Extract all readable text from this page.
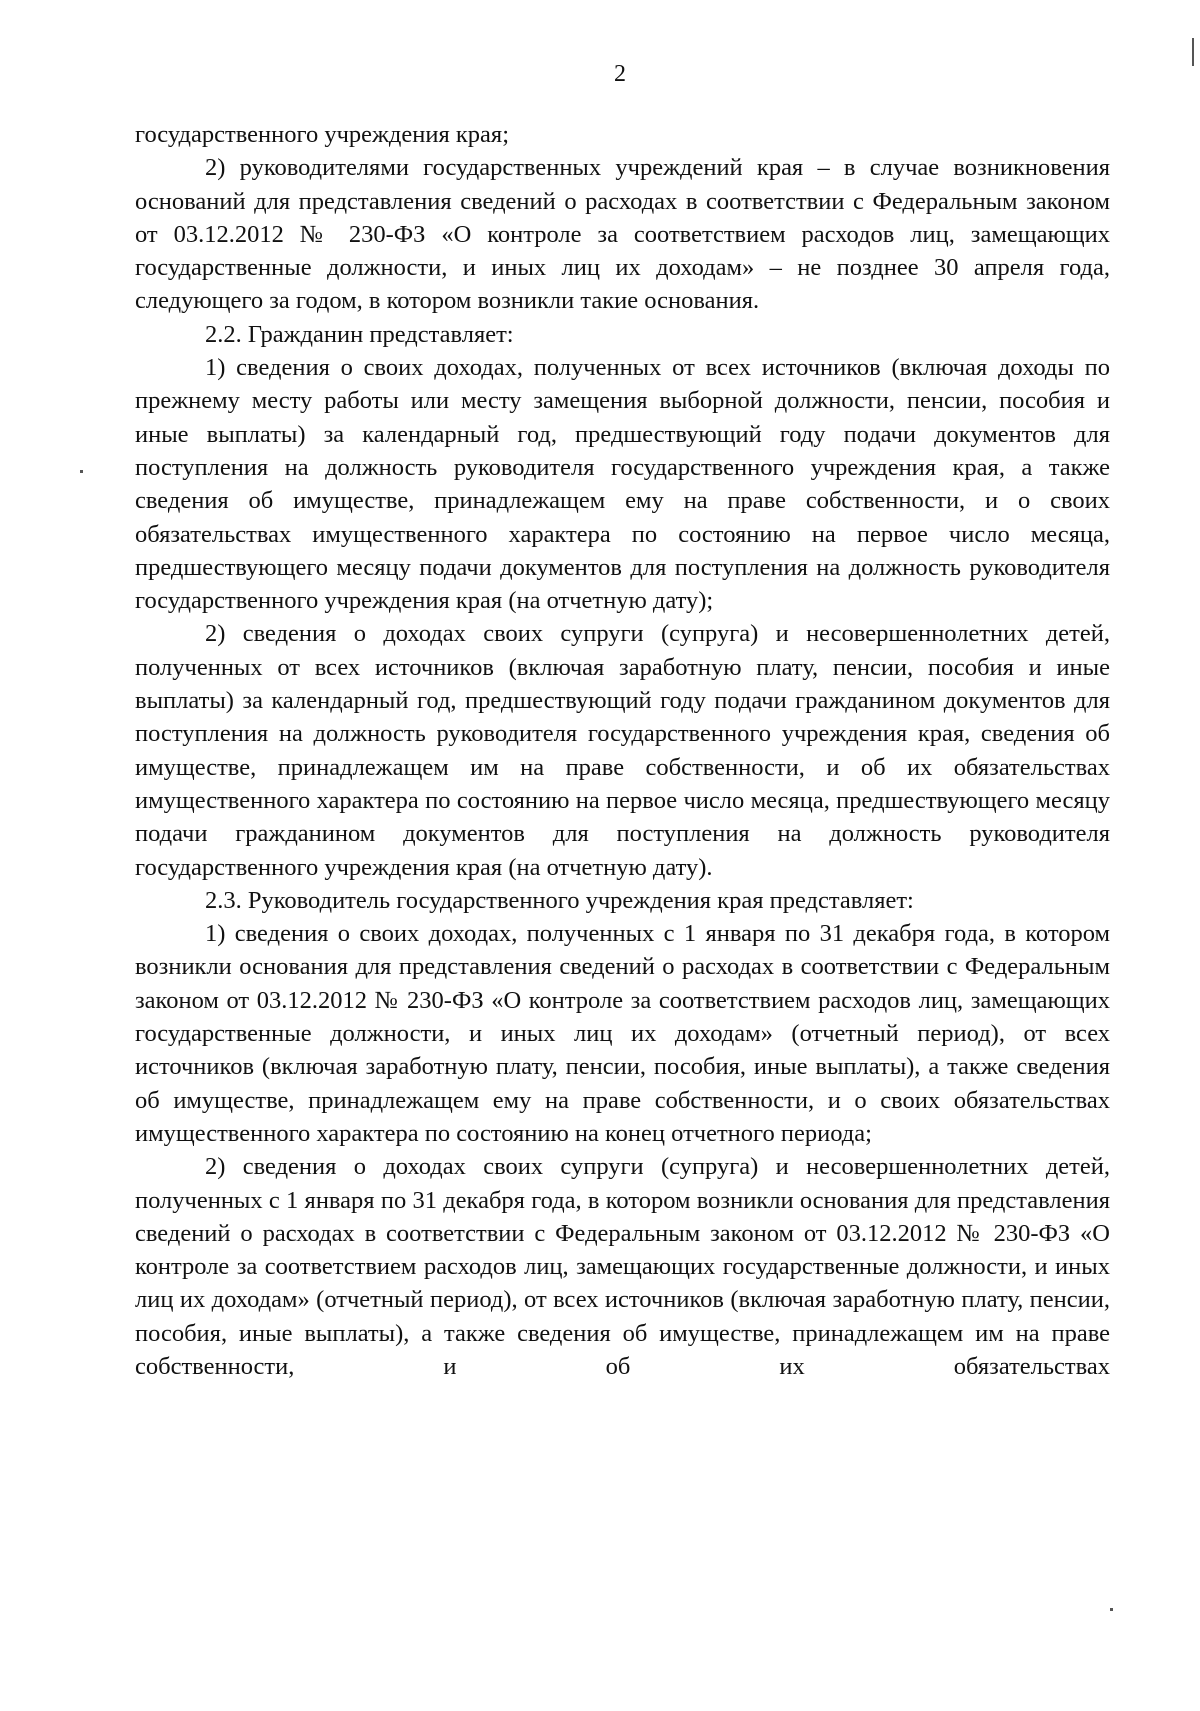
2

государственного учреждения края;

2) руководителями государственных учреждений края – в случае возникновения оснований для представления сведений о расходах в соответствии с Федеральным законом от 03.12.2012 № 230-ФЗ «О контроле за соответствием расходов лиц, замещающих государственные должности, и иных лиц их доходам» – не позднее 30 апреля года, следующего за годом, в котором возникли такие основания.

2.2. Гражданин представляет:

1) сведения о своих доходах, полученных от всех источников (включая доходы по прежнему месту работы или месту замещения выборной должности, пенсии, пособия и иные выплаты) за календарный год, предшествующий году подачи документов для поступления на должность руководителя государственного учреждения края, а также сведения об имуществе, принадлежащем ему на праве собственности, и о своих обязательствах имущественного характера по состоянию на первое число месяца, предшествующего месяцу подачи документов для поступления на должность руководителя государственного учреждения края (на отчетную дату);

2) сведения о доходах своих супруги (супруга) и несовершеннолетних детей, полученных от всех источников (включая заработную плату, пенсии, пособия и иные выплаты) за календарный год, предшествующий году подачи гражданином документов для поступления на должность руководителя государственного учреждения края, сведения об имуществе, принадлежащем им на праве собственности, и об их обязательствах имущественного характера по состоянию на первое число месяца, предшествующего месяцу подачи гражданином документов для поступления на должность руководителя государственного учреждения края (на отчетную дату).

2.3. Руководитель государственного учреждения края представляет:

1) сведения о своих доходах, полученных с 1 января по 31 декабря года, в котором возникли основания для представления сведений о расходах в соответствии с Федеральным законом от 03.12.2012 № 230-ФЗ «О контроле за соответствием расходов лиц, замещающих государственные должности, и иных лиц их доходам» (отчетный период), от всех источников (включая заработную плату, пенсии, пособия, иные выплаты), а также сведения об имуществе, принадлежащем ему на праве собственности, и о своих обязательствах имущественного характера по состоянию на конец отчетного периода;

2) сведения о доходах своих супруги (супруга) и несовершеннолетних детей, полученных с 1 января по 31 декабря года, в котором возникли основания для представления сведений о расходах в соответствии с Федеральным законом от 03.12.2012 № 230-ФЗ «О контроле за соответствием расходов лиц, замещающих государственные должности, и иных лиц их доходам» (отчетный период), от всех источников (включая заработную плату, пенсии, пособия, иные выплаты), а также сведения об имуществе, принадлежащем им на праве собственности, и об их обязательствах
